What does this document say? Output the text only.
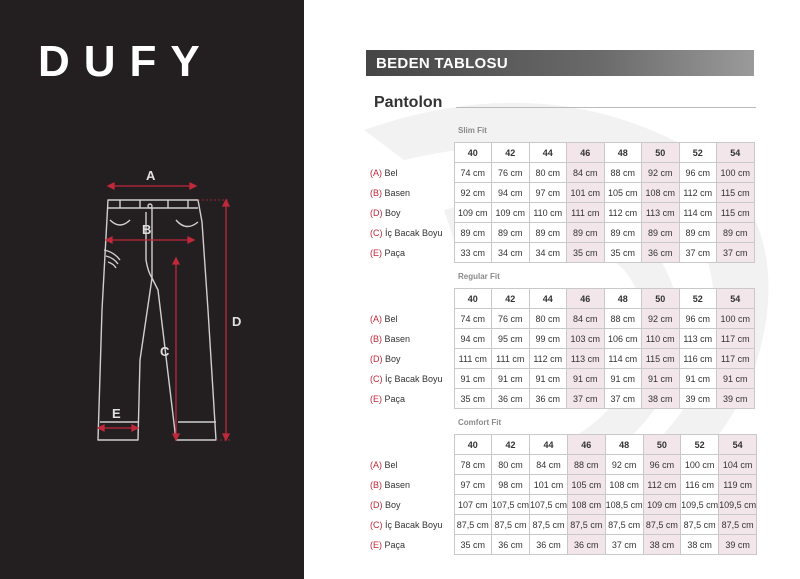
DUFY
A
B
C
D
E
BEDEN TABLOSU
Pantolon
Slim Fit
	40	42	44	46	48	50	52	54
(A) Bel	74 cm	76 cm	80 cm	84 cm	88 cm	92 cm	96 cm	100 cm
(B) Basen	92 cm	94 cm	97 cm	101 cm	105 cm	108 cm	112 cm	115 cm
(D) Boy	109 cm	109 cm	110 cm	111 cm	112 cm	113 cm	114 cm	115 cm
(C) İç Bacak Boyu	89 cm	89 cm	89 cm	89 cm	89 cm	89 cm	89 cm	89 cm
(E) Paça	33 cm	34 cm	34 cm	35 cm	35 cm	36 cm	37 cm	37 cm
Regular Fit
	40	42	44	46	48	50	52	54
(A) Bel	74 cm	76 cm	80 cm	84 cm	88 cm	92 cm	96 cm	100 cm
(B) Basen	94 cm	95 cm	99 cm	103 cm	106 cm	110 cm	113 cm	117 cm
(D) Boy	111 cm	111 cm	112 cm	113 cm	114 cm	115 cm	116 cm	117 cm
(C) İç Bacak Boyu	91 cm	91 cm	91 cm	91 cm	91 cm	91 cm	91 cm	91 cm
(E) Paça	35 cm	36 cm	36 cm	37 cm	37 cm	38 cm	39 cm	39 cm
Comfort Fit
	40	42	44	46	48	50	52	54
(A) Bel	78 cm	80 cm	84 cm	88 cm	92 cm	96 cm	100 cm	104 cm
(B) Basen	97 cm	98 cm	101 cm	105 cm	108 cm	112 cm	116 cm	119 cm
(D) Boy	107 cm	107,5 cm	107,5 cm	108 cm	108,5 cm	109 cm	109,5 cm	109,5 cm
(C) İç Bacak Boyu	87,5 cm	87,5 cm	87,5 cm	87,5 cm	87,5 cm	87,5 cm	87,5 cm	87,5 cm
(E) Paça	35 cm	36 cm	36 cm	36 cm	37 cm	38 cm	38 cm	39 cm
